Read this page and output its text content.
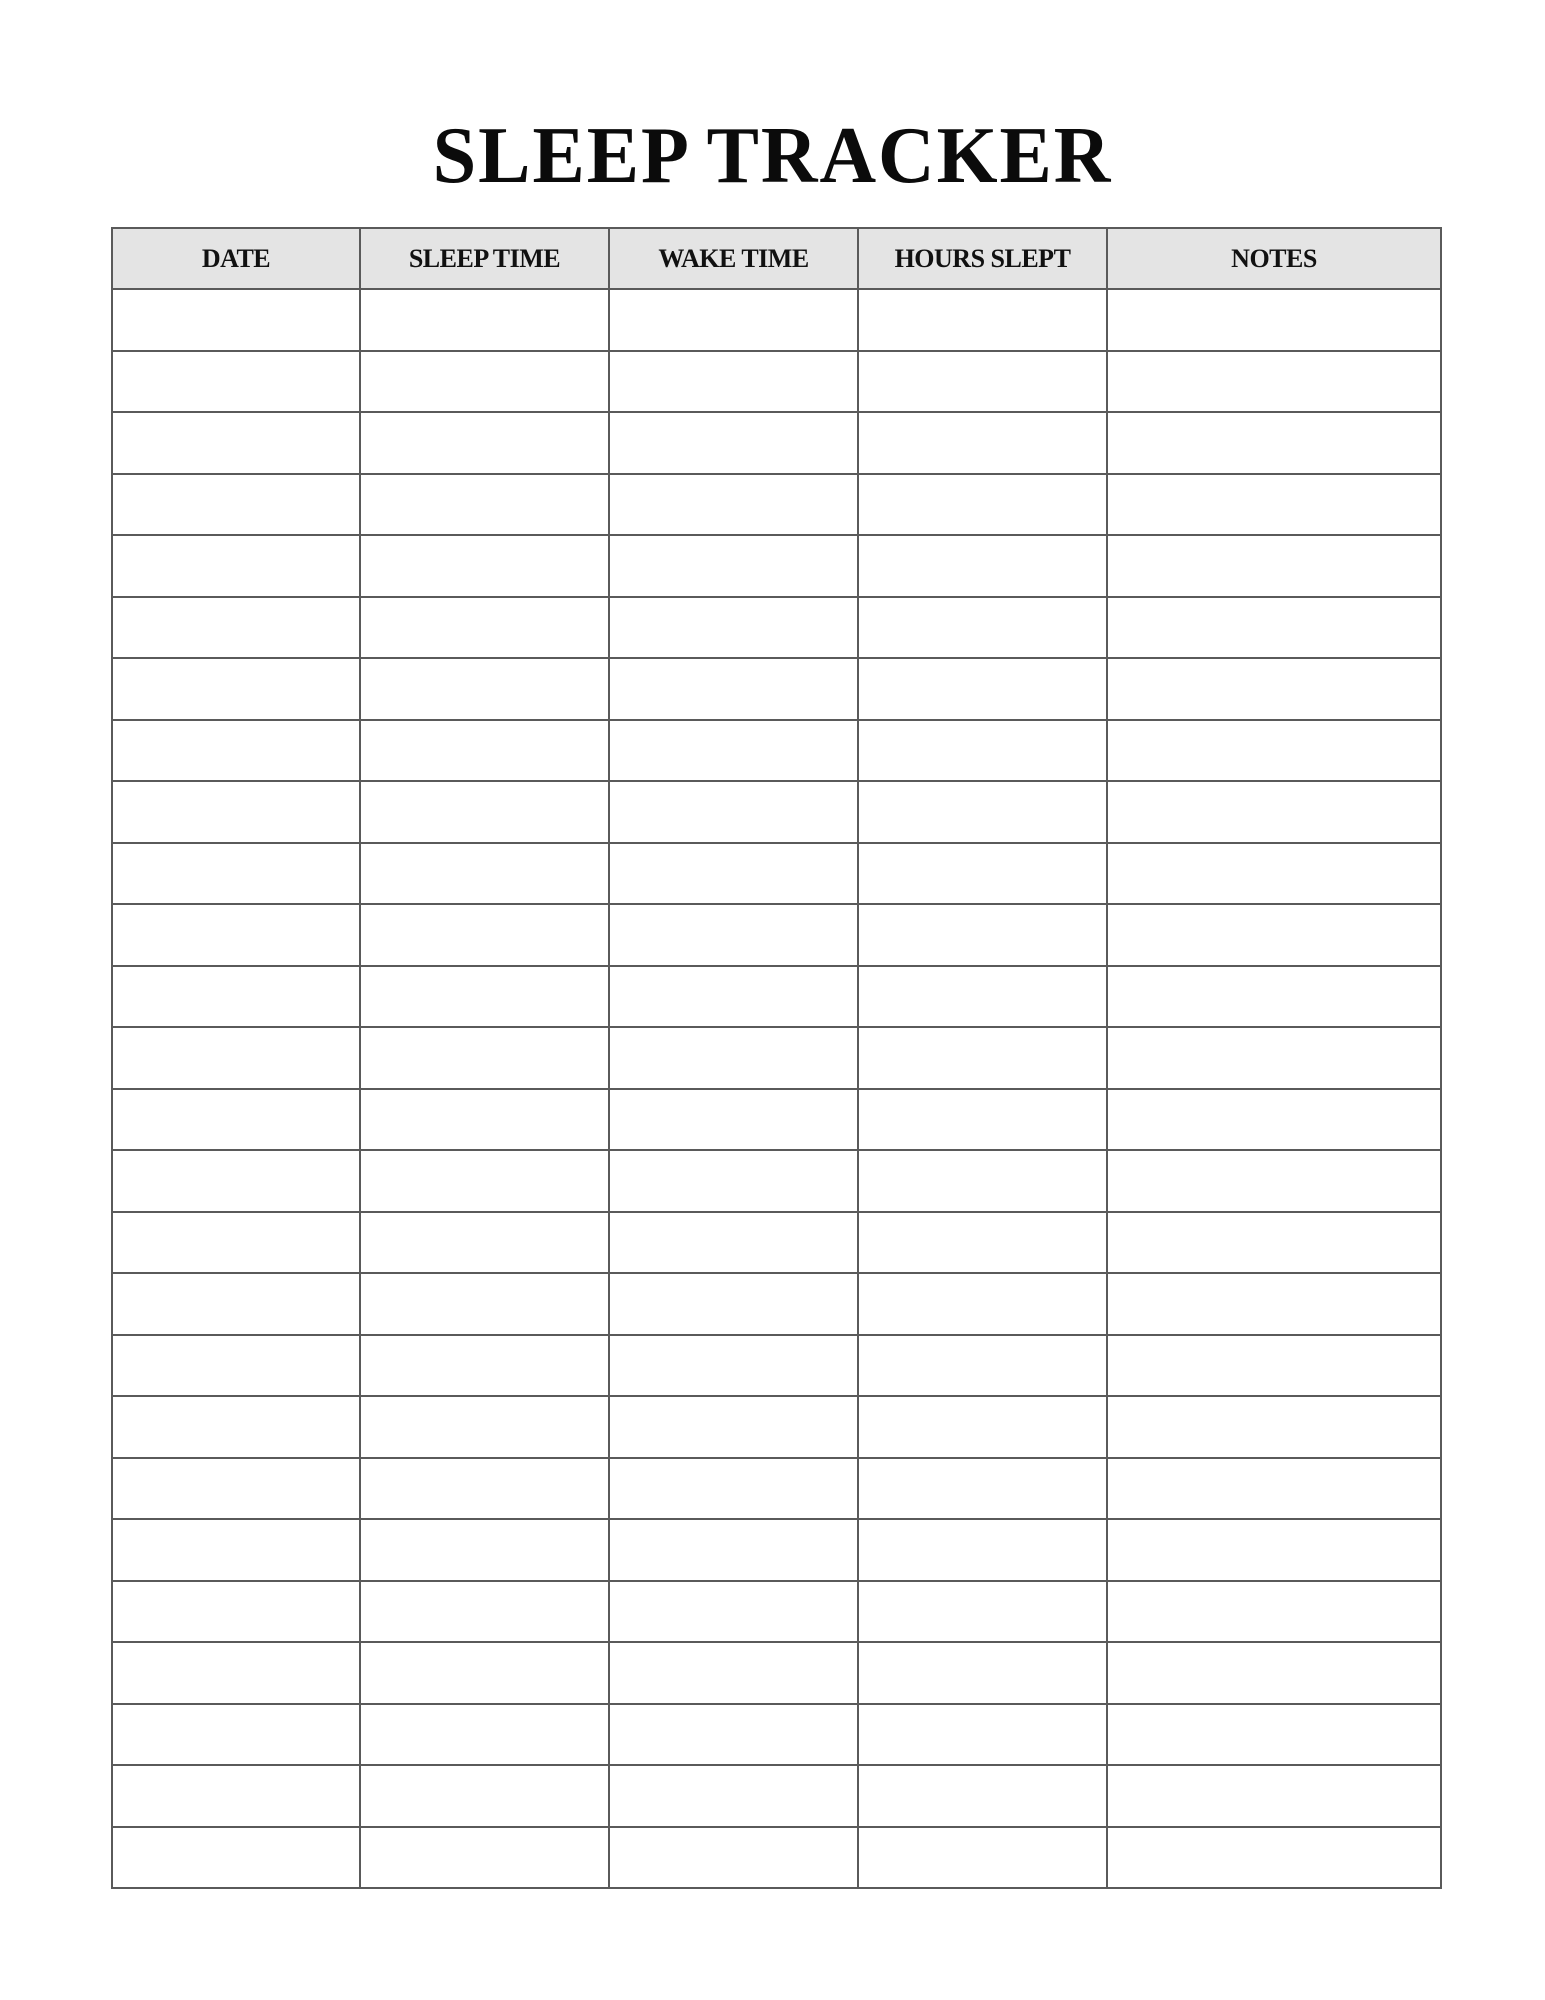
SLEEP TRACKER
DATE	SLEEP TIME	WAKE TIME	HOURS SLEPT	NOTES
